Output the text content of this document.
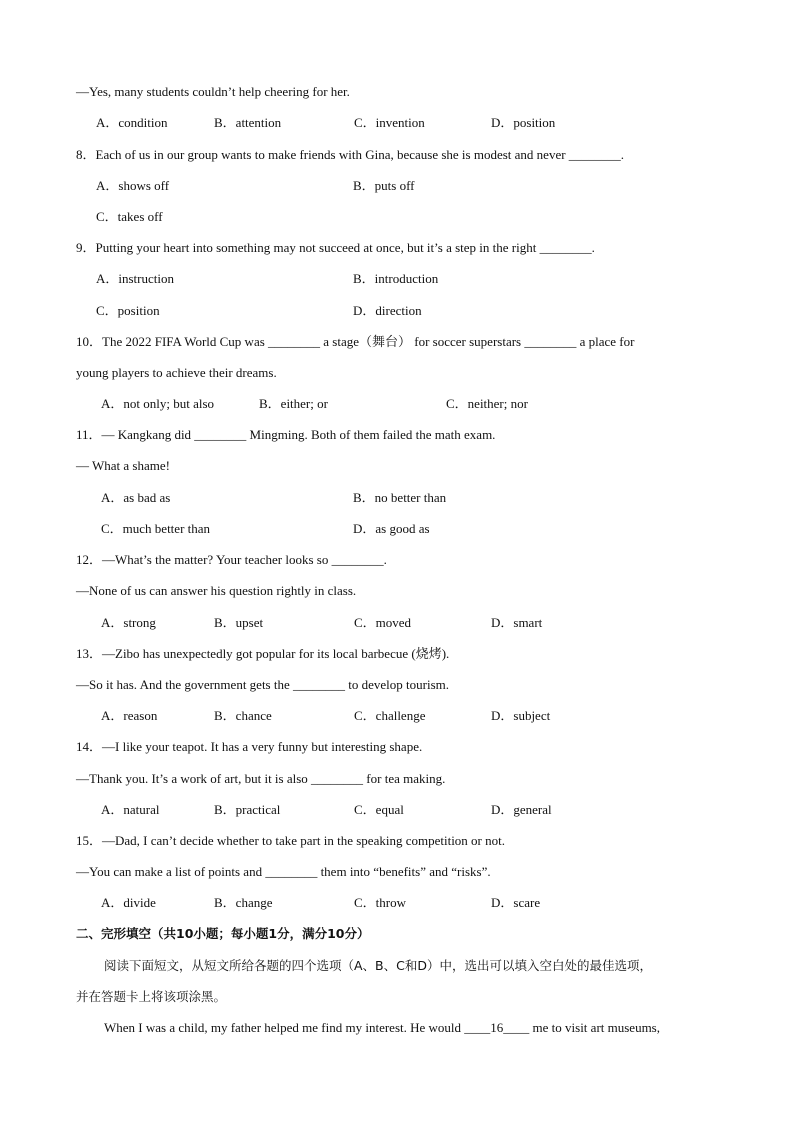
—Yes, many students couldn’t help cheering for her.
A．condition	B．attention	C．invention	D．position
8．Each of us in our group wants to make friends with Gina, because she is modest and never ________.
A．shows off	B．puts off
C．takes off
9．Putting your heart into something may not succeed at once, but it’s a step in the right ________.
A．instruction	B．introduction
C．position	D．direction
10．The 2022 FIFA World Cup was ________ a stage（舞台） for soccer superstars ________ a place for
young players to achieve their dreams.
A．not only; but also	B．either; or	C．neither; nor
11．— Kangkang did ________ Mingming. Both of them failed the math exam.
— What a shame!
A．as bad as	B．no better than
C．much better than	D．as good as
12．—What’s the matter? Your teacher looks so ________.
—None of us can answer his question rightly in class.
A．strong	B．upset	C．moved	D．smart
13．—Zibo has unexpectedly got popular for its local barbecue (烧烤).
—So it has. And the government gets the ________ to develop tourism.
A．reason	B．chance	C．challenge	D．subject
14．—I like your teapot. It has a very funny but interesting shape.
—Thank you. It’s a work of art, but it is also ________ for tea making.
A．natural	B．practical	C．equal	D．general
15．—Dad, I can’t decide whether to take part in the speaking competition or not.
—You can make a list of points and ________ them into “benefits” and “risks”.
A．divide	B．change	C．throw	D．scare
二、完形填空（共10小题；每小题1分，满分10分）
阅读下面短文，从短文所给各题的四个选项（A、B、C和D）中，选出可以填入空白处的最佳选项，
并在答题卡上将该项涂黑。
When I was a child, my father helped me find my interest. He would ____16____ me to visit art museums,
